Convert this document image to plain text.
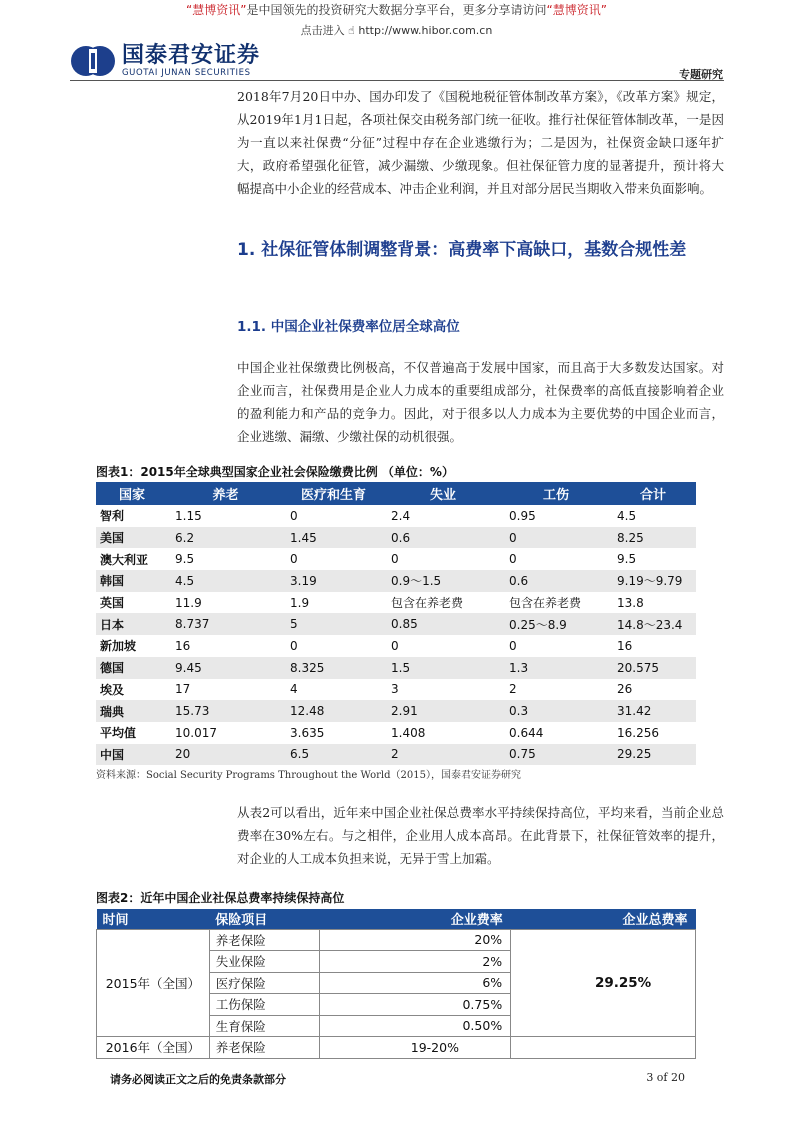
“慧博资讯”是中国领先的投资研究大数据分享平台，更多分享请访问“慧博资讯”
点击进入 ☝ http://www.hibor.com.cn
国泰君安证券
GUOTAI JUNAN SECURITIES	专题研究
2018年7月20日中办、国办印发了《国税地税征管体制改革方案》，《改革方案》规定，从2019年1月1日起，各项社保交由税务部门统一征收。推行社保征管体制改革，一是因为一直以来社保费“分征”过程中存在企业逃缴行为；二是因为，社保资金缺口逐年扩大，政府希望强化征管，减少漏缴、少缴现象。但社保征管力度的显著提升，预计将大幅提高中小企业的经营成本、冲击企业利润，并且对部分居民当期收入带来负面影响。
1. 社保征管体制调整背景：高费率下高缺口，基数合规性差
1.1. 中国企业社保费率位居全球高位
中国企业社保缴费比例极高，不仅普遍高于发展中国家，而且高于大多数发达国家。对企业而言，社保费用是企业人力成本的重要组成部分，社保费率的高低直接影响着企业的盈利能力和产品的竞争力。因此，对于很多以人力成本为主要优势的中国企业而言，企业逃缴、漏缴、少缴社保的动机很强。
图表1：2015年全球典型国家企业社会保险缴费比例 （单位：%）
国家	养老	医疗和生育	失业	工伤	合计
智利	1.15	0	2.4	0.95	4.5
美国	6.2	1.45	0.6	0	8.25
澳大利亚	9.5	0	0	0	9.5
韩国	4.5	3.19	0.9～1.5	0.6	9.19～9.79
英国	11.9	1.9	包含在养老费	包含在养老费	13.8
日本	8.737	5	0.85	0.25～8.9	14.8～23.4
新加坡	16	0	0	0	16
德国	9.45	8.325	1.5	1.3	20.575
埃及	17	4	3	2	26
瑞典	15.73	12.48	2.91	0.3	31.42
平均值	10.017	3.635	1.408	0.644	16.256
中国	20	6.5	2	0.75	29.25
资料来源：Social Security Programs Throughout the World（2015），国泰君安证券研究
从表2可以看出，近年来中国企业社保总费率水平持续保持高位，平均来看，当前企业总费率在30%左右。与之相伴，企业用人成本高昂。在此背景下，社保征管效率的提升，对企业的人工成本负担来说，无异于雪上加霜。
图表2：近年中国企业社保总费率持续保持高位
时间	保险项目	企业费率	企业总费率
2015年（全国）	养老保险	20%	29.25%
	失业保险	2%	
	医疗保险	6%	
	工伤保险	0.75%	
	生育保险	0.50%	
2016年（全国）	养老保险	19-20%	
请务必阅读正文之后的免责条款部分	3 of 20
